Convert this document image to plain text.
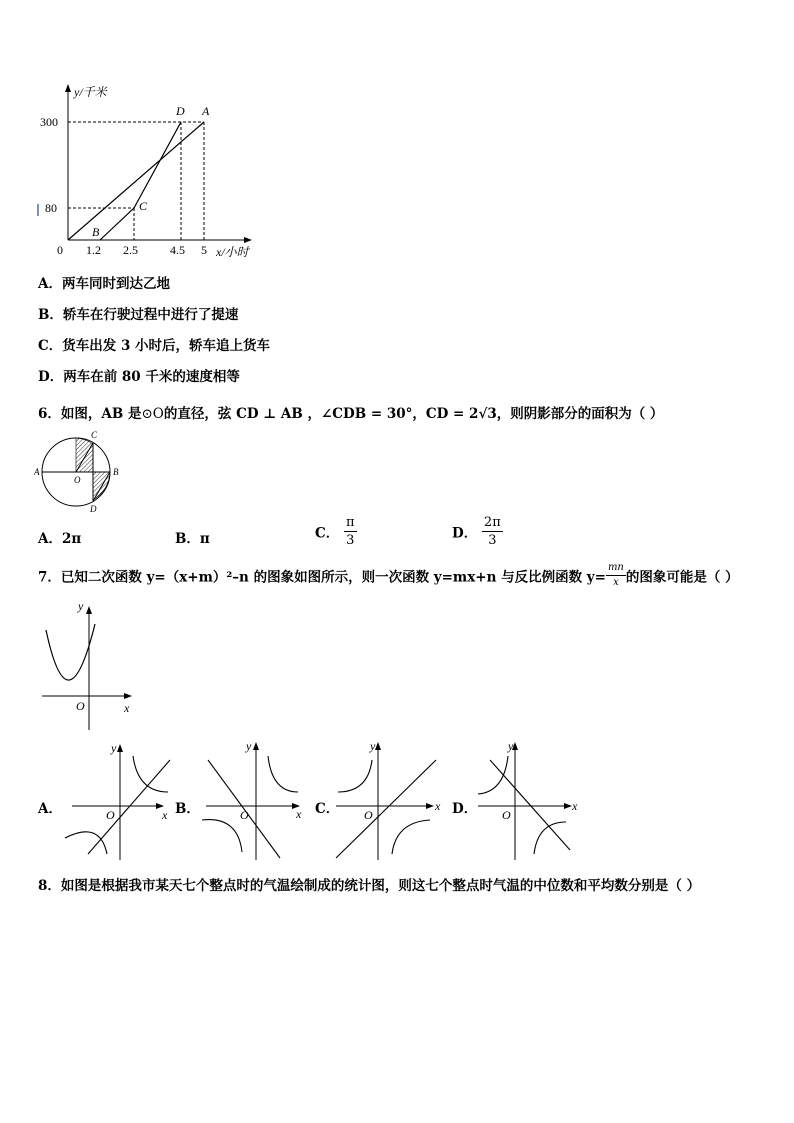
y/千米
300
80
0 1.2 2.5	4.5 5 x/小时
D A
C
B
A．两车同时到达乙地
B．轿车在行驶过程中进行了提速
C．货车出发 3 小时后，轿车追上货车
D．两车在前 80 千米的速度相等
6．如图，AB 是⊙O的直径，弦 CD ⊥ AB ，∠CDB = 30°，CD = 2√3，则阴影部分的面积为（ ）
A	B
C
D
O
A．2π	B．π	C． $\frac{\pi}{3}$	D． $\frac{2\pi}{3}$
7．已知二次函数 y=（x+m）²–n 的图象如图所示，则一次函数 y=mx+n 与反比例函数 $y= \frac{mn}{x}$ 的图象可能是（ ）
y
x
O
A．
y
x
O	B．
y
x
O	C．
y
x
O	D．
y
x
O
8．如图是根据我市某天七个整点时的气温绘制成的统计图，则这七个整点时气温的中位数和平均数分别是（ ）
